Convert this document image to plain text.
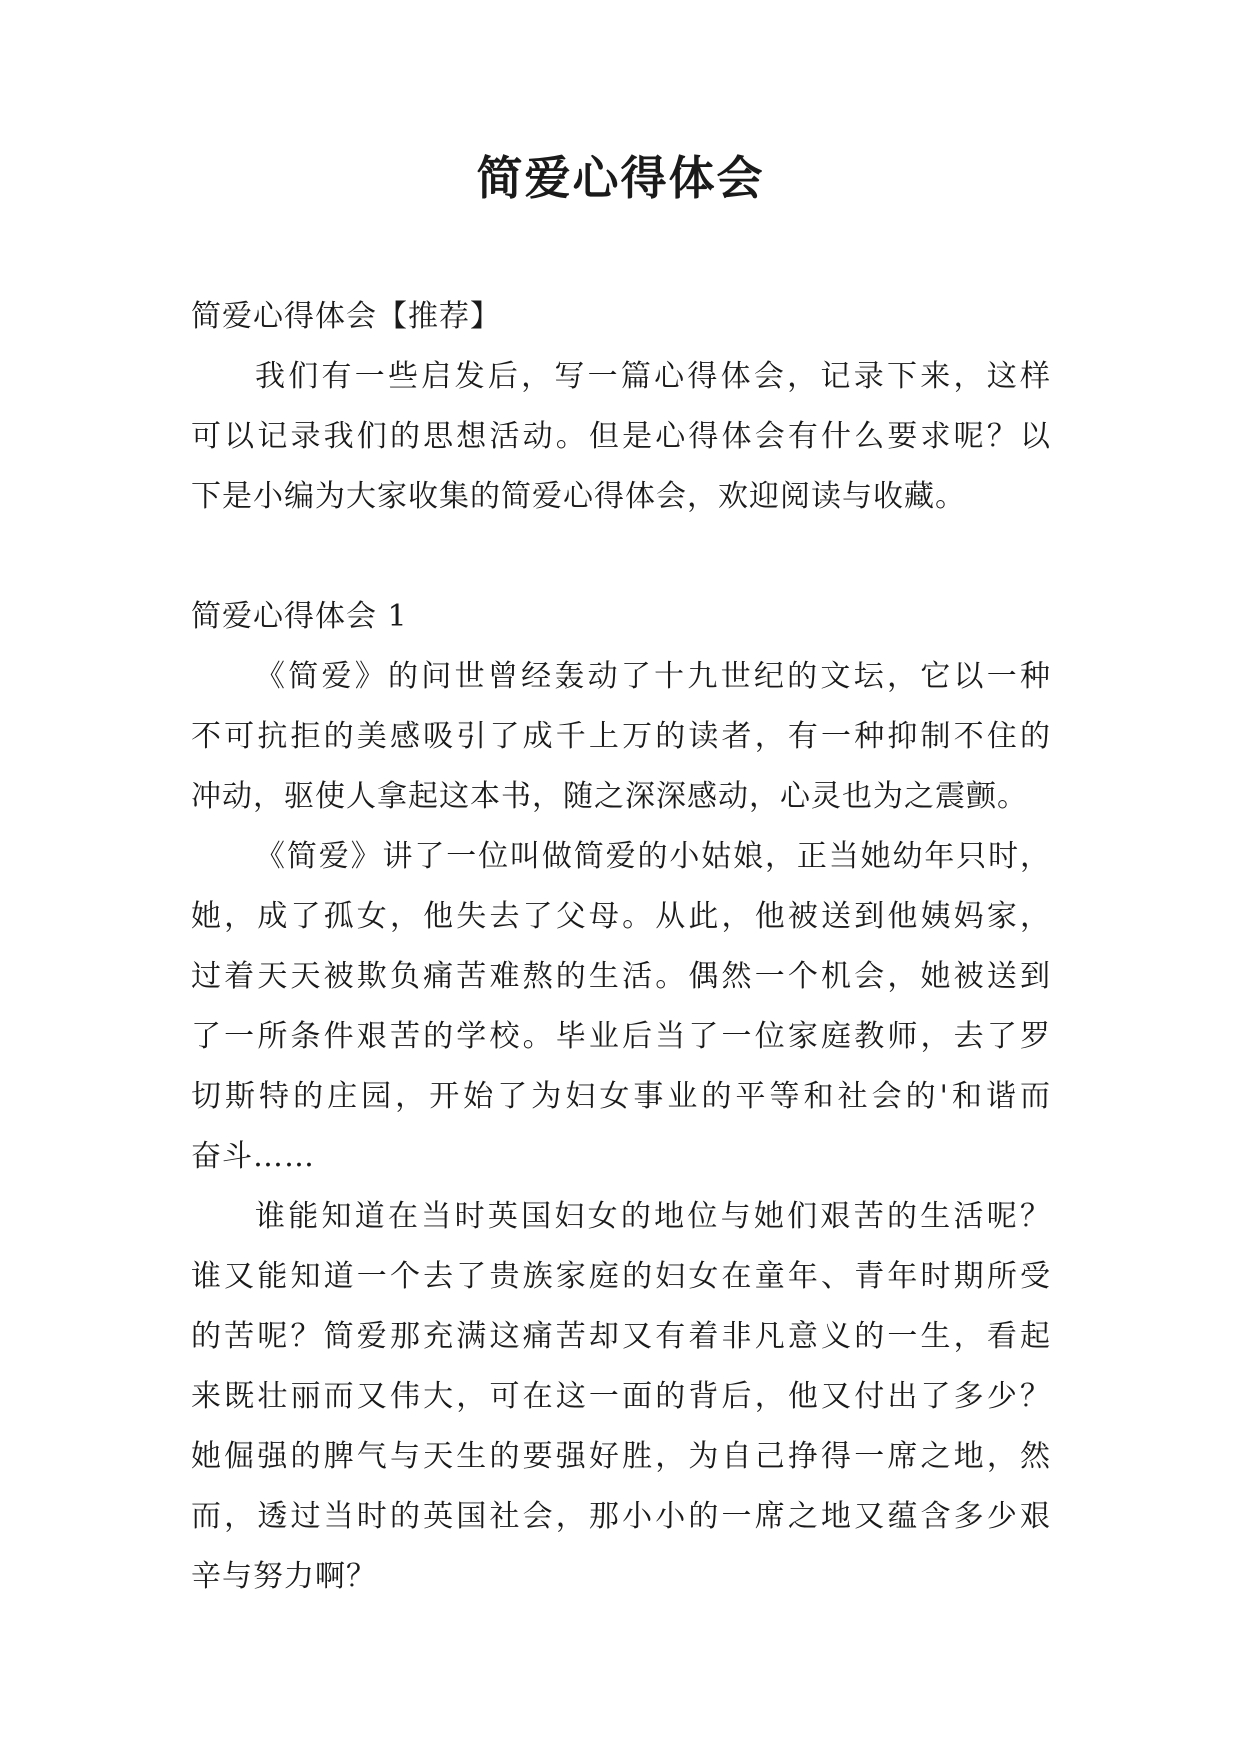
简爱心得体会
简爱心得体会【推荐】
我们有一些启发后，写一篇心得体会，记录下来，这样
可以记录我们的思想活动。但是心得体会有什么要求呢？以
下是小编为大家收集的简爱心得体会，欢迎阅读与收藏。
简爱心得体会 1
《简爱》的问世曾经轰动了十九世纪的文坛，它以一种
不可抗拒的美感吸引了成千上万的读者，有一种抑制不住的
冲动，驱使人拿起这本书，随之深深感动，心灵也为之震颤。
《简爱》讲了一位叫做简爱的小姑娘，正当她幼年只时，
她，成了孤女，他失去了父母。从此，他被送到他姨妈家，
过着天天被欺负痛苦难熬的生活。偶然一个机会，她被送到
了一所条件艰苦的学校。毕业后当了一位家庭教师，去了罗
切斯特的庄园，开始了为妇女事业的平等和社会的'和谐而
奋斗……
谁能知道在当时英国妇女的地位与她们艰苦的生活呢？
谁又能知道一个去了贵族家庭的妇女在童年、青年时期所受
的苦呢？简爱那充满这痛苦却又有着非凡意义的一生，看起
来既壮丽而又伟大，可在这一面的背后，他又付出了多少？
她倔强的脾气与天生的要强好胜，为自己挣得一席之地，然
而，透过当时的英国社会，那小小的一席之地又蕴含多少艰
辛与努力啊？
